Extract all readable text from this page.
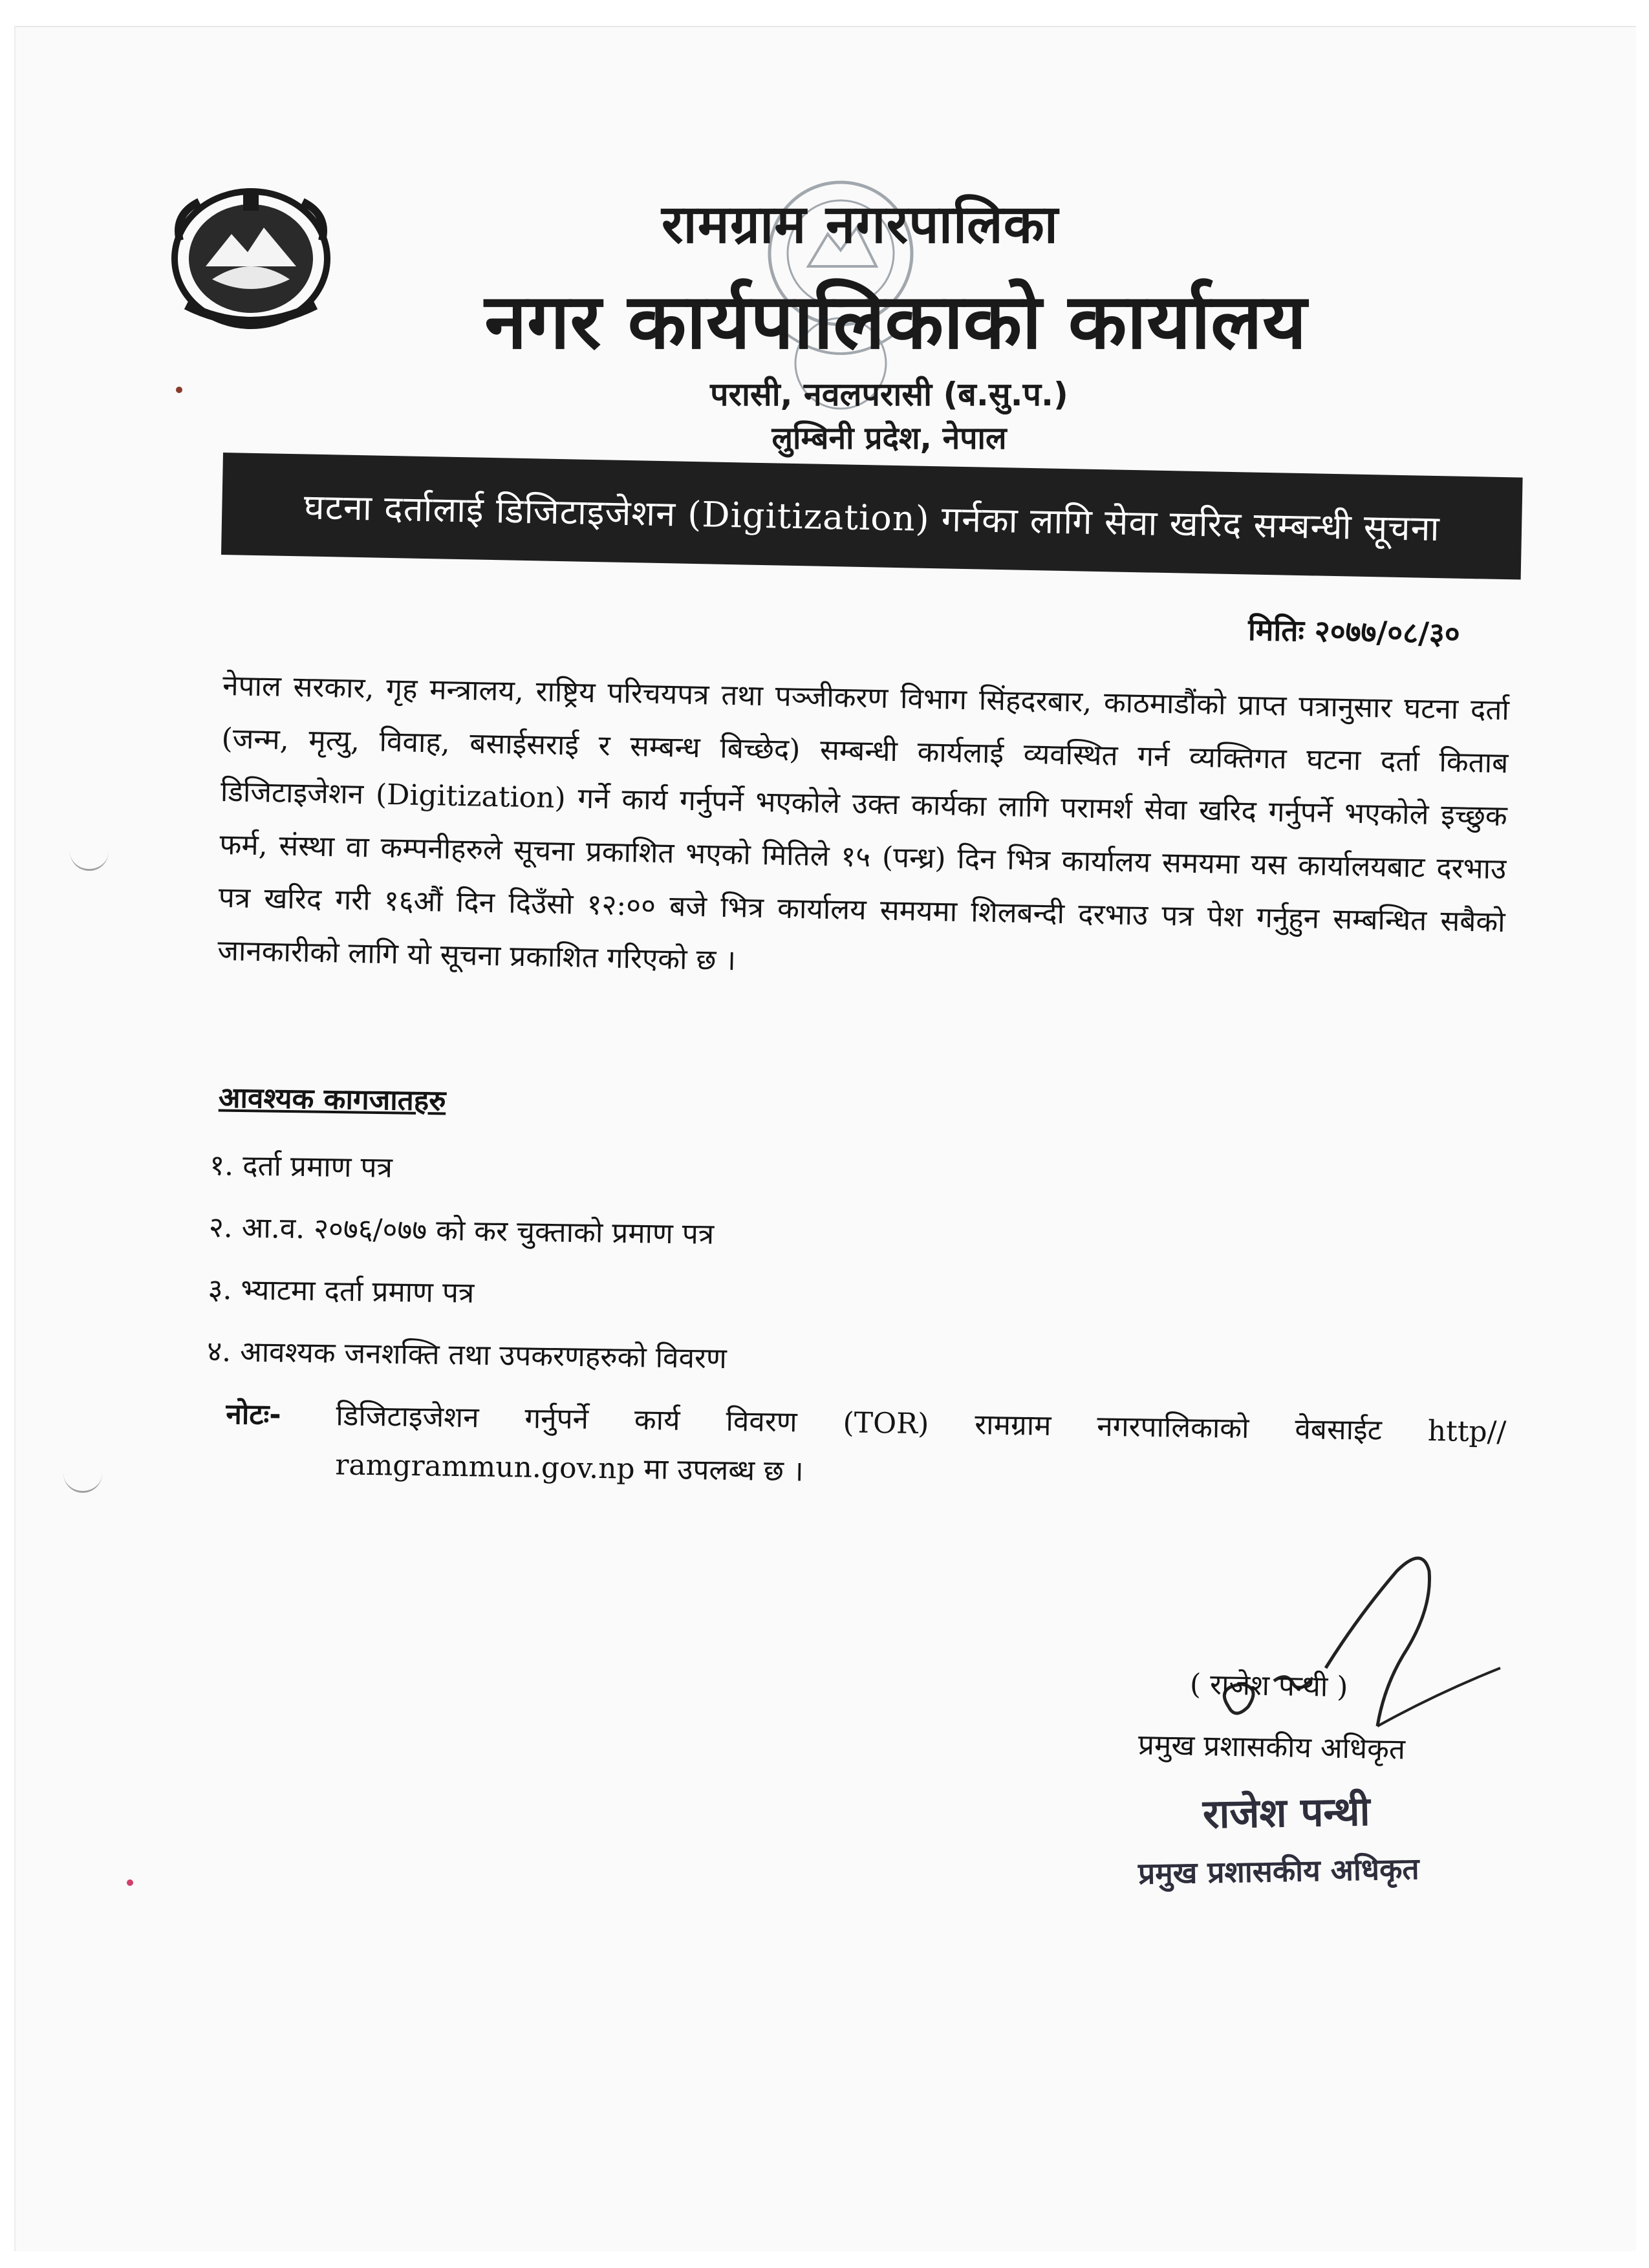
रामग्राम नगरपालिका
नगर कार्यपालिकाको कार्यालय
परासी, नवलपरासी (ब.सु.प.)
लुम्बिनी प्रदेश, नेपाल
घटना दर्तालाई डिजिटाइजेशन (Digitization) गर्नका लागि सेवा खरिद सम्बन्धी सूचना
मितिः २०७७/०८/३०
नेपाल सरकार, गृह मन्त्रालय, राष्ट्रिय परिचयपत्र तथा पञ्जीकरण विभाग सिंहदरबार, काठमाडौंको प्राप्त पत्रानुसार घटना दर्ता (जन्म, मृत्यु, विवाह, बसाईसराई र सम्बन्ध बिच्छेद) सम्बन्धी कार्यलाई व्यवस्थित गर्न व्यक्तिगत घटना दर्ता किताब डिजिटाइजेशन (Digitization) गर्ने कार्य गर्नुपर्ने भएकोले उक्त कार्यका लागि परामर्श सेवा खरिद गर्नुपर्ने भएकोले इच्छुक फर्म, संस्था वा कम्पनीहरुले सूचना प्रकाशित भएको मितिले १५ (पन्ध्र) दिन भित्र कार्यालय समयमा यस कार्यालयबाट दरभाउ पत्र खरिद गरी १६औं दिन दिउँसो १२:०० बजे भित्र कार्यालय समयमा शिलबन्दी दरभाउ पत्र पेश गर्नुहुन सम्बन्धित सबैको जानकारीको लागि यो सूचना प्रकाशित गरिएको छ ।
आवश्यक कागजातहरु
१. दर्ता प्रमाण पत्र
२. आ.व. २०७६/०७७ को कर चुक्ताको प्रमाण पत्र
३. भ्याटमा दर्ता प्रमाण पत्र
४. आवश्यक जनशक्ति तथा उपकरणहरुको विवरण
नोटः-	डिजिटाइजेशन गर्नुपर्ने कार्य विवरण (TOR) रामग्राम नगरपालिकाको वेबसाईट http// ramgrammun.gov.np मा उपलब्ध छ ।
( राजेश पन्थी )
प्रमुख प्रशासकीय अधिकृत
राजेश पन्थी
प्रमुख प्रशासकीय अधिकृत
